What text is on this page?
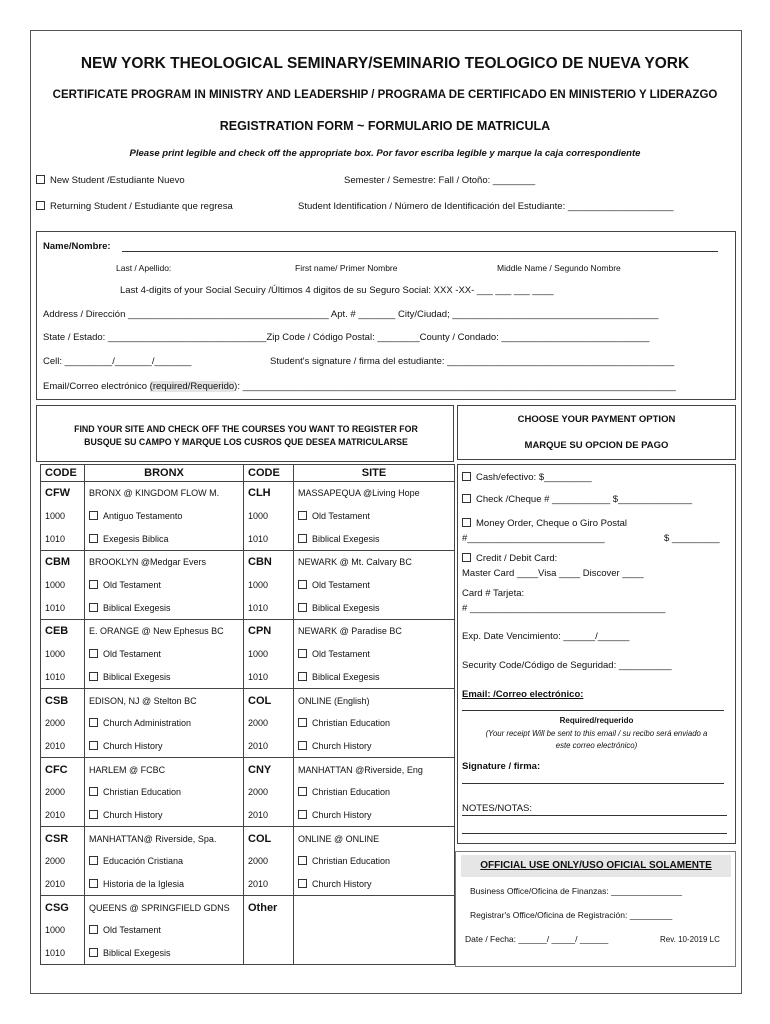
NEW YORK THEOLOGICAL SEMINARY/SEMINARIO TEOLOGICO DE NUEVA YORK
CERTIFICATE PROGRAM IN MINISTRY AND LEADERSHIP / PROGRAMA DE CERTIFICADO EN MINISTERIO Y LIDERAZGO
REGISTRATION FORM ~ FORMULARIO DE MATRICULA
Please print legible and check off the appropriate box. Por favor escriba legible y marque la caja correspondiente
New Student /Estudiante Nuevo
Returning Student / Estudiante que regresa
Semester / Semestre: Fall / Otoño: ________
Student Identification / Número de Identificación del Estudiante: ____________________
Name/Nombre:
Last / Apellido:	First name/ Primer Nombre	Middle Name / Segundo Nombre
Last 4-digits of your Social Secuiry /Últimos 4 digitos de su Seguro Social: XXX -XX- ___ ___ ___ ____
Address / Dirección ______________________________________ Apt. # _______ City/Ciudad; _______________________________________
State / Estado: ______________________________Zip Code / Código Postal: ________County / Condado: ____________________________
Cell: _________/_______/_______	Student's signature / firma del estudiante: ___________________________________________
Email/Correo electrónico (required/Requerido): __________________________________________________________________________________
FIND YOUR SITE AND CHECK OFF THE COURSES YOU WANT TO REGISTER FOR
BUSQUE SU CAMPO Y MARQUE LOS CUSROS QUE DESEA MATRICULARSE
CODE	BRONX	CODE	SITE
CFW	BRONX @ KINGDOM FLOW M.	CLH	MASSAPEQUA @Living Hope
1000	Antiguo Testamento	1000	Old Testament
1010	Exegesis Biblica	1010	Biblical Exegesis
CBM	BROOKLYN @Medgar Evers	CBN	NEWARK @ Mt. Calvary BC
1000	Old Testament	1000	Old Testament
1010	Biblical Exegesis	1010	Biblical Exegesis
CEB	E. ORANGE @ New Ephesus BC	CPN	NEWARK @ Paradise BC
1000	Old Testament	1000	Old Testament
1010	Biblical Exegesis	1010	Biblical Exegesis
CSB	EDISON, NJ @ Stelton BC	COL	ONLINE (English)
2000	Church Administration	2000	Christian Education
2010	Church History	2010	Church History
CFC	HARLEM @ FCBC	CNY	MANHATTAN @Riverside, Eng
2000	Christian Education	2000	Christian Education
2010	Church History	2010	Church History
CSR	MANHATTAN@ Riverside, Spa.	COL	ONLINE @ ONLINE
2000	Educación Cristiana	2000	Christian Education
2010	Historia de la Iglesia	2010	Church History
CSG	QUEENS @ SPRINGFIELD GDNS	Other	
1000	Old Testament		
1010	Biblical Exegesis		
CHOOSE YOUR PAYMENT OPTION
MARQUE SU OPCION DE PAGO
Cash/efectivo: $_________
Check /Cheque # ___________ $______________
Money Order, Cheque o Giro Postal
#__________________________	$ _________
Credit / Debit Card:
Master Card ____Visa ____ Discover ____
Card # Tarjeta:
# _____________________________________
Exp. Date Vencimiento: ______/______
Security Code/Código de Seguridad: __________
Email: /Correo electrónico:
Required/requerido
(Your receipt Will be sent to this email / su recibo será enviado a
este correo electrónico)
Signature / firma:
NOTES/NOTAS:
OFFICIAL USE ONLY/USO OFICIAL SOLAMENTE
Business Office/Oficina de Finanzas: _______________
Registrar's Office/Oficina de Registración: _________
Date / Fecha: ______/ _____/ ______	Rev. 10-2019 LC
